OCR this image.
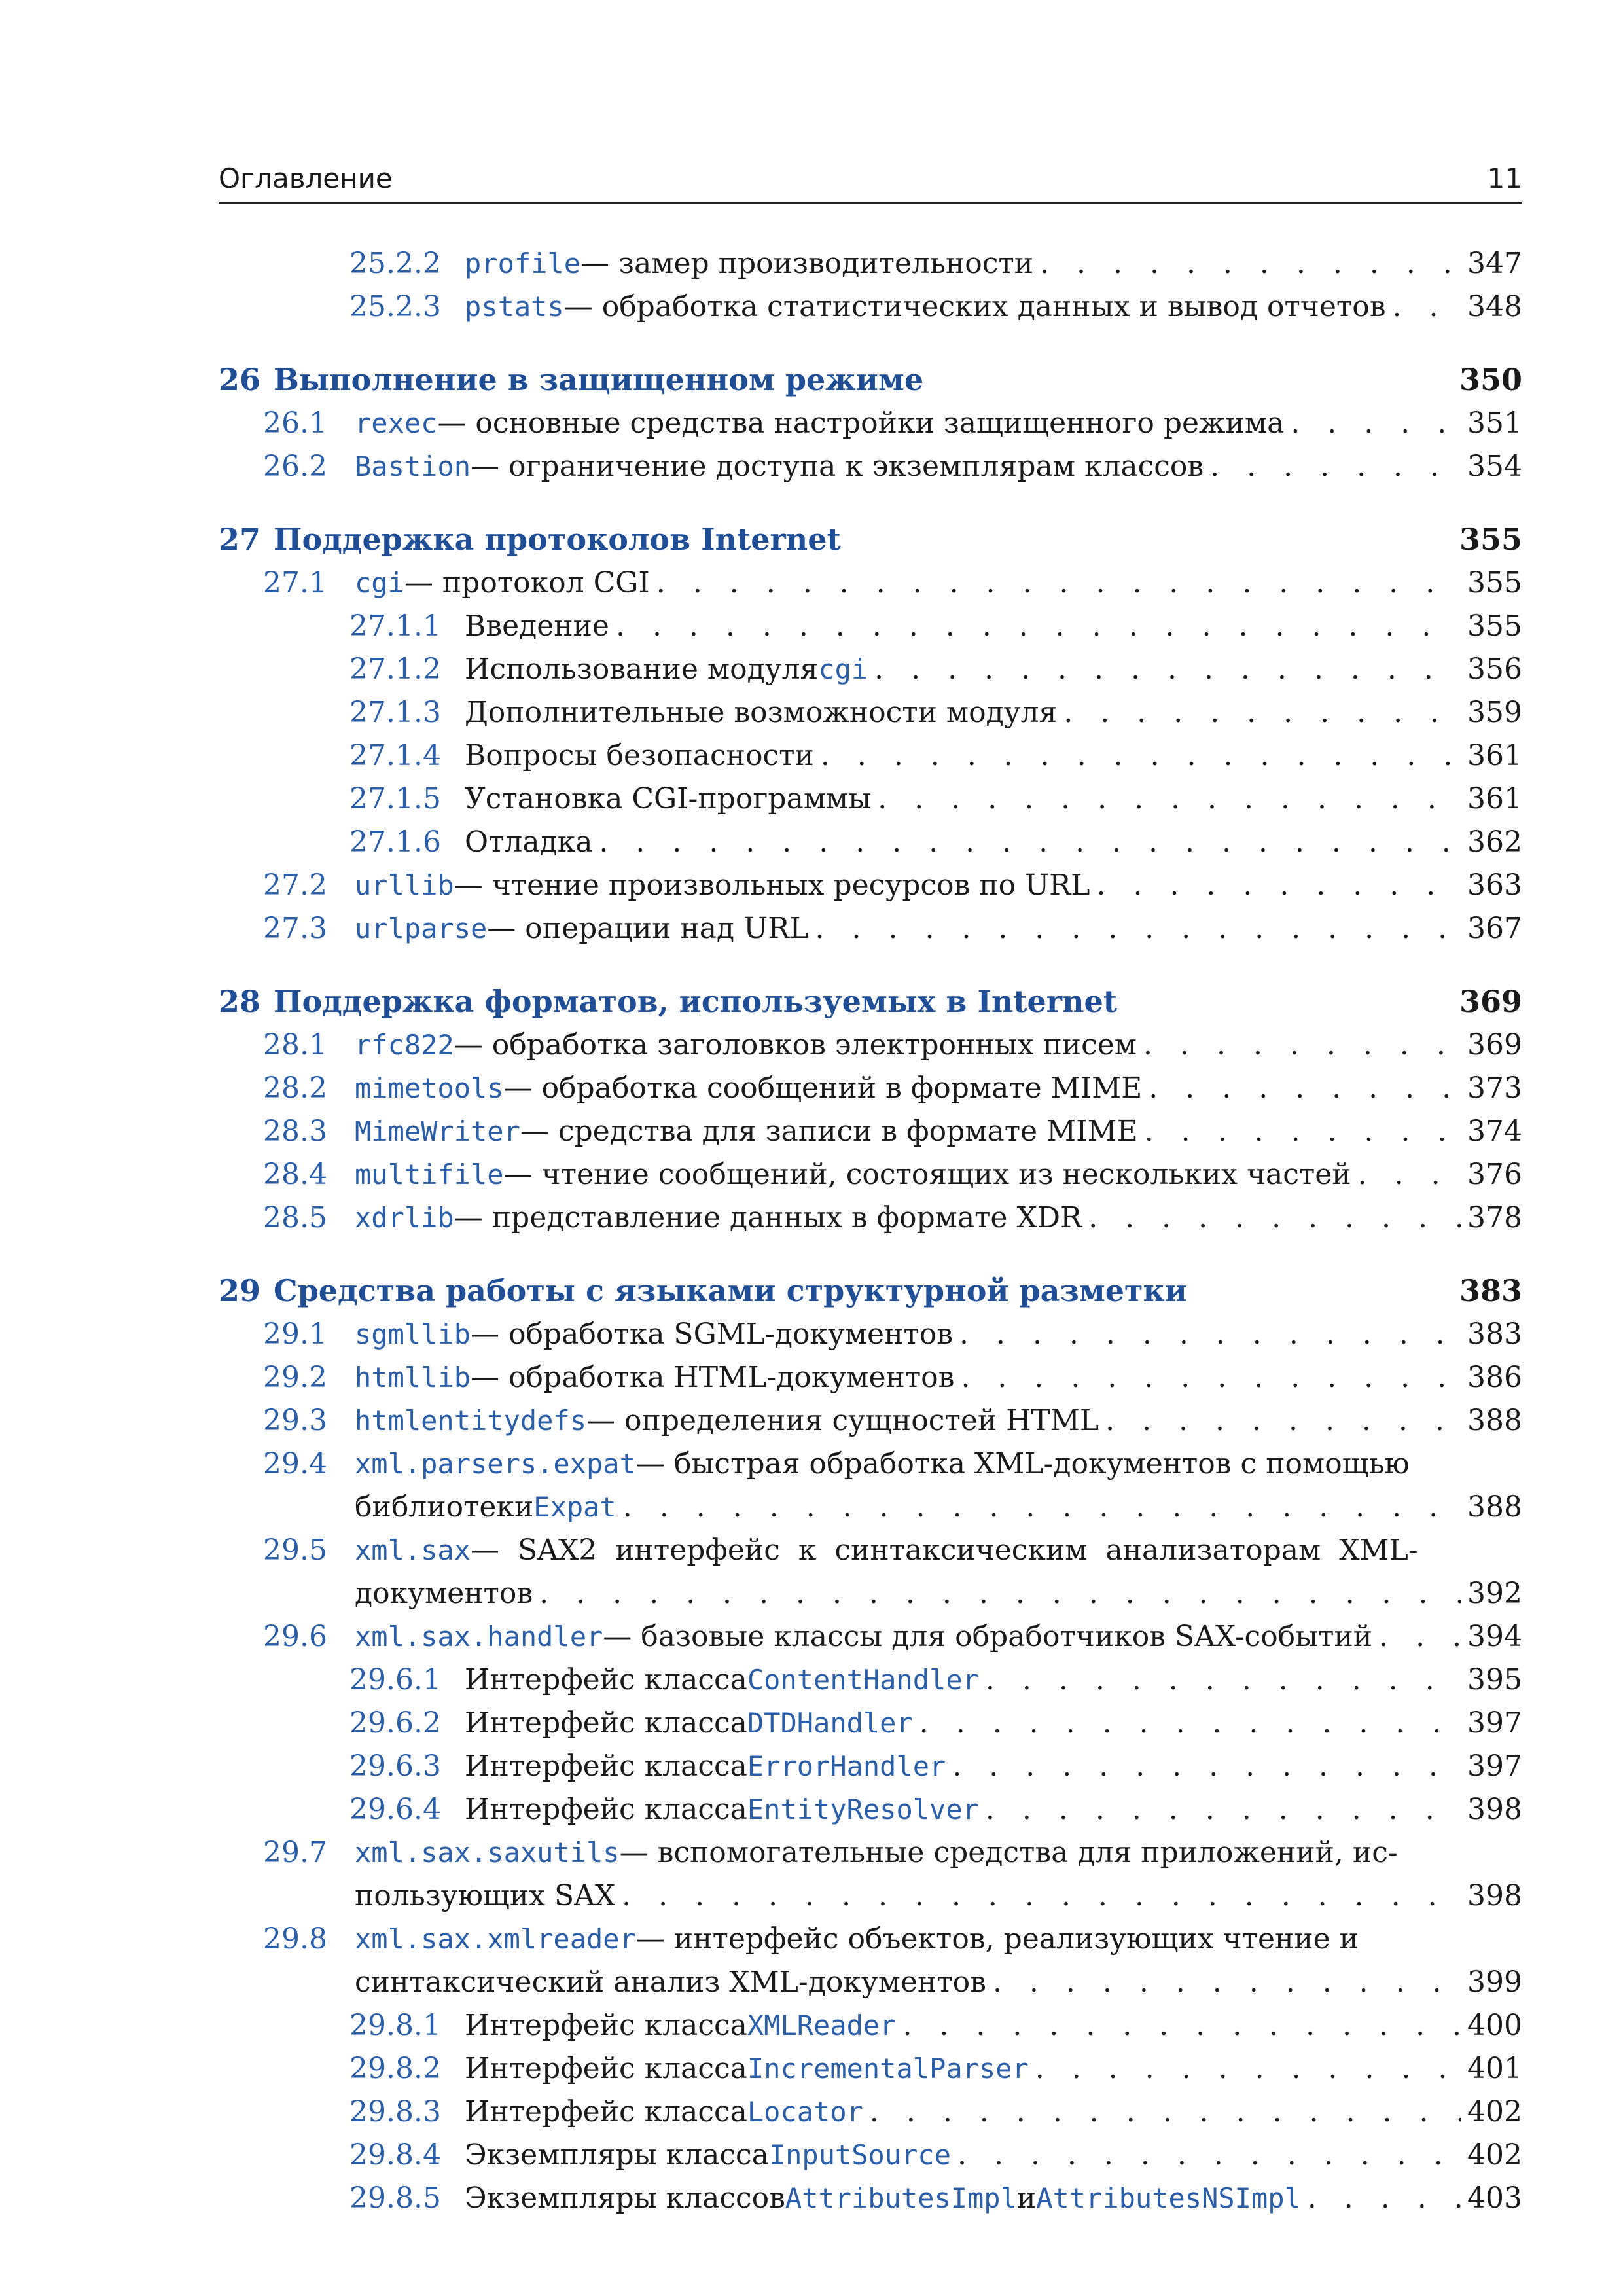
Оглавление	11
25.2.2 profile — замер производительности . . .	347
25.2.3 pstats — обработка статистических данных и вывод отчетов . . .	348
26 Выполнение в защищенном режиме	350
26.1	rexec — основные средства настройки защищенного режима . . .	351
26.2	Bastion — ограничение доступа к экземплярам классов . . .	354
27 Поддержка протоколов Internet	355
27.1	cgi — протокол CGI . . .	355
27.1.1 Введение . . .	355
27.1.2 Использование модуля cgi . . .	356
27.1.3 Дополнительные возможности модуля . . .	359
27.1.4 Вопросы безопасности . . .	361
27.1.5 Установка CGI-программы . . .	361
27.1.6 Отладка . . .	362
27.2	urllib — чтение произвольных ресурсов по URL . . .	363
27.3	urlparse — операции над URL . . .	367
28 Поддержка форматов, используемых в Internet	369
28.1	rfc822 — обработка заголовков электронных писем . . .	369
28.2	mimetools — обработка сообщений в формате MIME . . .	373
28.3	MimeWriter — средства для записи в формате MIME . . .	374
28.4	multifile — чтение сообщений, состоящих из нескольких частей . . .	376
28.5	xdrlib — представление данных в формате XDR . . .	378
29 Средства работы с языками структурной разметки	383
29.1	sgmllib — обработка SGML-документов . . .	383
29.2	htmllib — обработка HTML-документов . . .	386
29.3	htmlentitydefs — определения сущностей HTML . . .	388
29.4	xml.parsers.expat — быстрая обработка XML-документов с помощью
библиотеки Expat . . .	388
29.5	xml.sax — SAX2 интерфейс к синтаксическим анализаторам XML-
документов . . .	392
29.6	xml.sax.handler — базовые классы для обработчиков SAX-событий . . .	394
29.6.1 Интерфейс класса ContentHandler . . .	395
29.6.2 Интерфейс класса DTDHandler . . .	397
29.6.3 Интерфейс класса ErrorHandler . . .	397
29.6.4 Интерфейс класса EntityResolver . . .	398
29.7	xml.sax.saxutils — вспомогательные средства для приложений, ис-
пользующих SAX . . .	398
29.8	xml.sax.xmlreader — интерфейс объектов, реализующих чтение и
синтаксический анализ XML-документов . . .	399
29.8.1 Интерфейс класса XMLReader . . .	400
29.8.2 Интерфейс класса IncrementalParser . . .	401
29.8.3 Интерфейс класса Locator . . .	402
29.8.4 Экземпляры класса InputSource . . .	402
29.8.5 Экземпляры классов AttributesImpl и AttributesNSImpl . . .	403
